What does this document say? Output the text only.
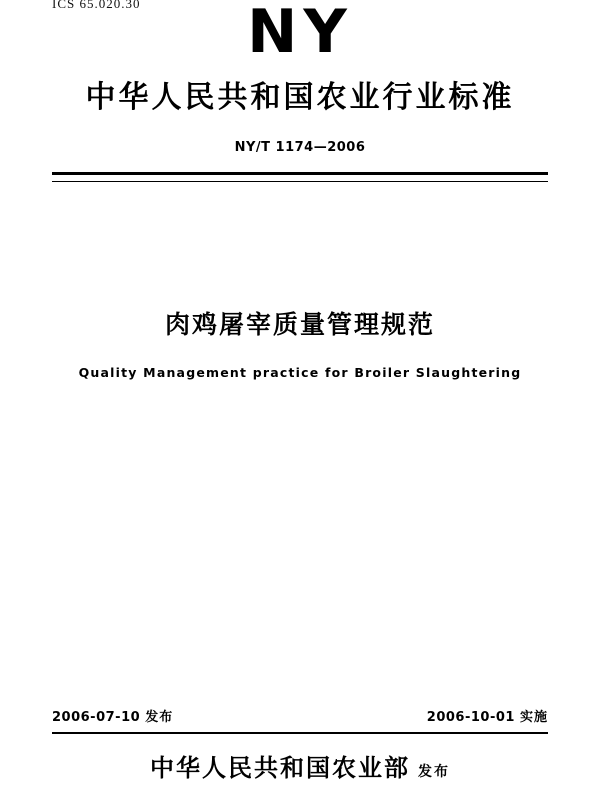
ICS 65.020.30	NY
中华人民共和国农业行业标准
NY/T 1174—2006
肉鸡屠宰质量管理规范
Quality Management practice for Broiler Slaughtering
2006-07-10 发布	2006-10-01 实施
中华人民共和国农业部 发布
